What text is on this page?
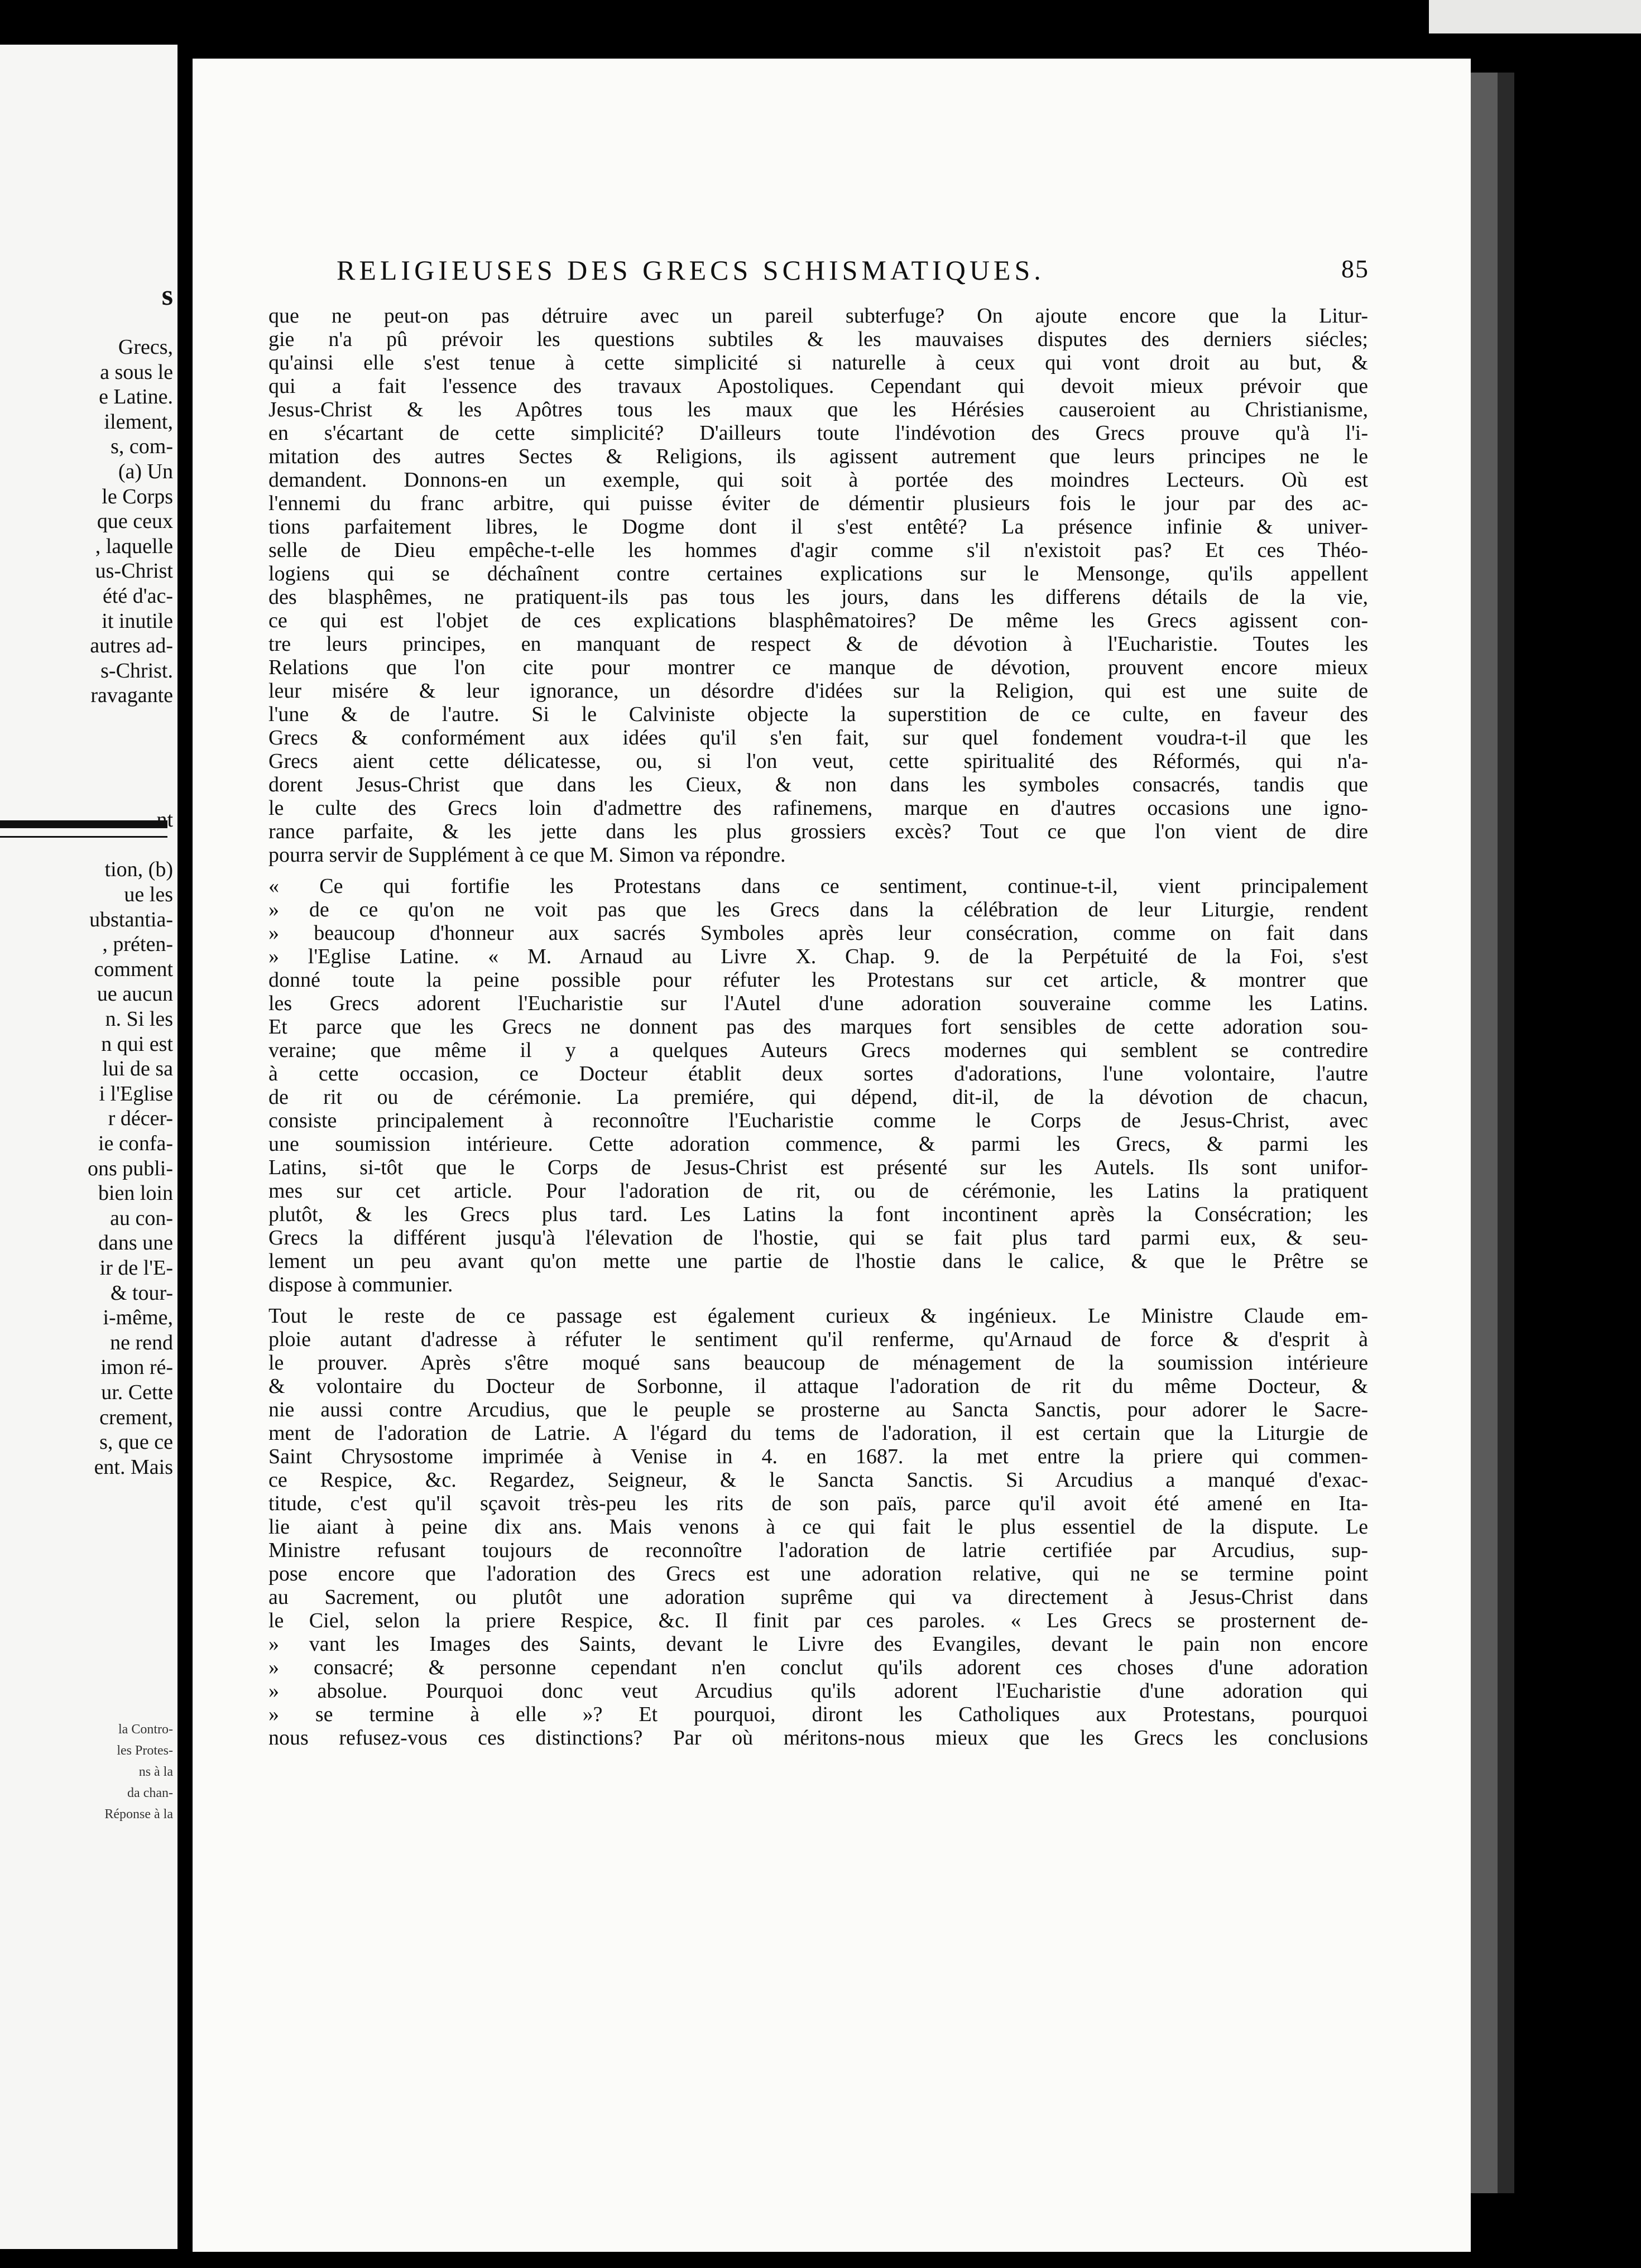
s
Grecs,
a sous le
e Latine.
ilement,
s, com-
(a) Un
le Corps
que ceux
, laquelle
us-Christ
été d'ac-
it inutile
autres ad-
s-Christ.
ravagante
nt
tion, (b)
ue les
ubstantia-
, préten-
comment
ue aucun
n. Si les
n qui est
lui de sa
i l'Eglise
r décer-
ie confa-
ons publi-
bien loin
au con-
dans une
ir de l'E-
& tour-
i-même,
ne rend
imon ré-
ur. Cette
crement,
s, que ce
ent. Mais
la Contro-
les Protes-
ns à la
da chan-
Réponse à la
RELIGIEUSES DES GRECS SCHISMATIQUES.	85
que ne peut-on pas détruire avec un pareil subterfuge? On ajoute encore que la Litur-
gie n'a pû prévoir les questions subtiles & les mauvaises disputes des derniers siécles;
qu'ainsi elle s'est tenue à cette simplicité si naturelle à ceux qui vont droit au but, &
qui a fait l'essence des travaux Apostoliques. Cependant qui devoit mieux prévoir que
Jesus-Christ & les Apôtres tous les maux que les Hérésies causeroient au Christianisme,
en s'écartant de cette simplicité? D'ailleurs toute l'indévotion des Grecs prouve qu'à l'i-
mitation des autres Sectes & Religions, ils agissent autrement que leurs principes ne le
demandent. Donnons-en un exemple, qui soit à portée des moindres Lecteurs. Où est
l'ennemi du franc arbitre, qui puisse éviter de démentir plusieurs fois le jour par des ac-
tions parfaitement libres, le Dogme dont il s'est entêté? La présence infinie & univer-
selle de Dieu empêche-t-elle les hommes d'agir comme s'il n'existoit pas? Et ces Théo-
logiens qui se déchaînent contre certaines explications sur le Mensonge, qu'ils appellent
des blasphêmes, ne pratiquent-ils pas tous les jours, dans les differens détails de la vie,
ce qui est l'objet de ces explications blasphêmatoires? De même les Grecs agissent con-
tre leurs principes, en manquant de respect & de dévotion à l'Eucharistie. Toutes les
Relations que l'on cite pour montrer ce manque de dévotion, prouvent encore mieux
leur misére & leur ignorance, un désordre d'idées sur la Religion, qui est une suite de
l'une & de l'autre. Si le Calviniste objecte la superstition de ce culte, en faveur des
Grecs & conformément aux idées qu'il s'en fait, sur quel fondement voudra-t-il que les
Grecs aient cette délicatesse, ou, si l'on veut, cette spiritualité des Réformés, qui n'a-
dorent Jesus-Christ que dans les Cieux, & non dans les symboles consacrés, tandis que
le culte des Grecs loin d'admettre des rafinemens, marque en d'autres occasions une igno-
rance parfaite, & les jette dans les plus grossiers excès? Tout ce que l'on vient de dire
pourra servir de Supplément à ce que M. Simon va répondre.
« Ce qui fortifie les Protestans dans ce sentiment, continue-t-il, vient principalement
» de ce qu'on ne voit pas que les Grecs dans la célébration de leur Liturgie, rendent
» beaucoup d'honneur aux sacrés Symboles après leur consécration, comme on fait dans
» l'Eglise Latine. « M. Arnaud au Livre X. Chap. 9. de la Perpétuité de la Foi, s'est
donné toute la peine possible pour réfuter les Protestans sur cet article, & montrer que
les Grecs adorent l'Eucharistie sur l'Autel d'une adoration souveraine comme les Latins.
Et parce que les Grecs ne donnent pas des marques fort sensibles de cette adoration sou-
veraine; que même il y a quelques Auteurs Grecs modernes qui semblent se contredire
à cette occasion, ce Docteur établit deux sortes d'adorations, l'une volontaire, l'autre
de rit ou de cérémonie. La premiére, qui dépend, dit-il, de la dévotion de chacun,
consiste principalement à reconnoître l'Eucharistie comme le Corps de Jesus-Christ, avec
une soumission intérieure. Cette adoration commence, & parmi les Grecs, & parmi les
Latins, si-tôt que le Corps de Jesus-Christ est présenté sur les Autels. Ils sont unifor-
mes sur cet article. Pour l'adoration de rit, ou de cérémonie, les Latins la pratiquent
plutôt, & les Grecs plus tard. Les Latins la font incontinent après la Consécration; les
Grecs la différent jusqu'à l'élevation de l'hostie, qui se fait plus tard parmi eux, & seu-
lement un peu avant qu'on mette une partie de l'hostie dans le calice, & que le Prêtre se
dispose à communier.
Tout le reste de ce passage est également curieux & ingénieux. Le Ministre Claude em-
ploie autant d'adresse à réfuter le sentiment qu'il renferme, qu'Arnaud de force & d'esprit à
le prouver. Après s'être moqué sans beaucoup de ménagement de la soumission intérieure
& volontaire du Docteur de Sorbonne, il attaque l'adoration de rit du même Docteur, &
nie aussi contre Arcudius, que le peuple se prosterne au Sancta Sanctis, pour adorer le Sacre-
ment de l'adoration de Latrie. A l'égard du tems de l'adoration, il est certain que la Liturgie de
Saint Chrysostome imprimée à Venise in 4. en 1687. la met entre la priere qui commen-
ce Respice, &c. Regardez, Seigneur, & le Sancta Sanctis. Si Arcudius a manqué d'exac-
titude, c'est qu'il sçavoit très-peu les rits de son païs, parce qu'il avoit été amené en Ita-
lie aiant à peine dix ans. Mais venons à ce qui fait le plus essentiel de la dispute. Le
Ministre refusant toujours de reconnoître l'adoration de latrie certifiée par Arcudius, sup-
pose encore que l'adoration des Grecs est une adoration relative, qui ne se termine point
au Sacrement, ou plutôt une adoration suprême qui va directement à Jesus-Christ dans
le Ciel, selon la priere Respice, &c. Il finit par ces paroles. « Les Grecs se prosternent de-
» vant les Images des Saints, devant le Livre des Evangiles, devant le pain non encore
» consacré; & personne cependant n'en conclut qu'ils adorent ces choses d'une adoration
» absolue. Pourquoi donc veut Arcudius qu'ils adorent l'Eucharistie d'une adoration qui
» se termine à elle »? Et pourquoi, diront les Catholiques aux Protestans, pourquoi
nous refusez-vous ces distinctions? Par où méritons-nous mieux que les Grecs les conclusions
